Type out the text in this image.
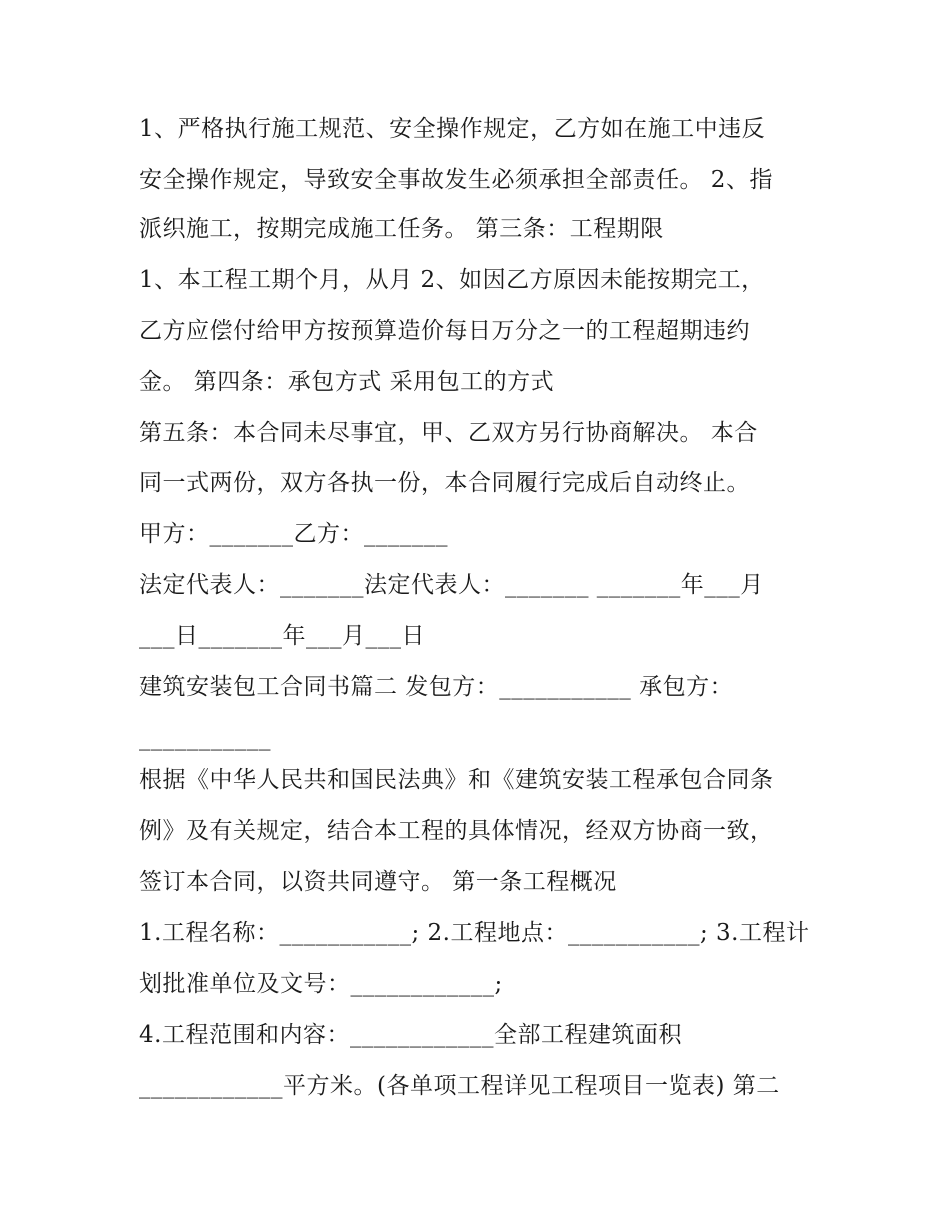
1、严格执行施工规范、安全操作规定，乙方如在施工中违反
安全操作规定，导致安全事故发生必须承担全部责任。 2、指
派织施工，按期完成施工任务。 第三条：工程期限
1、本工程工期个月，从月 2、如因乙方原因未能按期完工，
乙方应偿付给甲方按预算造价每日万分之一的工程超期违约
金。 第四条：承包方式 采用包工的方式
第五条：本合同未尽事宜，甲、乙双方另行协商解决。 本合
同一式两份，双方各执一份，本合同履行完成后自动终止。
甲方：_______乙方：_______
法定代表人：_______法定代表人：_______ _______年___月
___日_______年___月___日
建筑安装包工合同书篇二 发包方：___________ 承包方：
___________
根据《中华人民共和国民法典》和《建筑安装工程承包合同条
例》及有关规定，结合本工程的具体情况，经双方协商一致，
签订本合同，以资共同遵守。 第一条工程概况
1.工程名称：___________; 2.工程地点：___________; 3.工程计
划批准单位及文号：____________;
4.工程范围和内容：____________全部工程建筑面积
____________平方米。(各单项工程详见工程项目一览表) 第二
